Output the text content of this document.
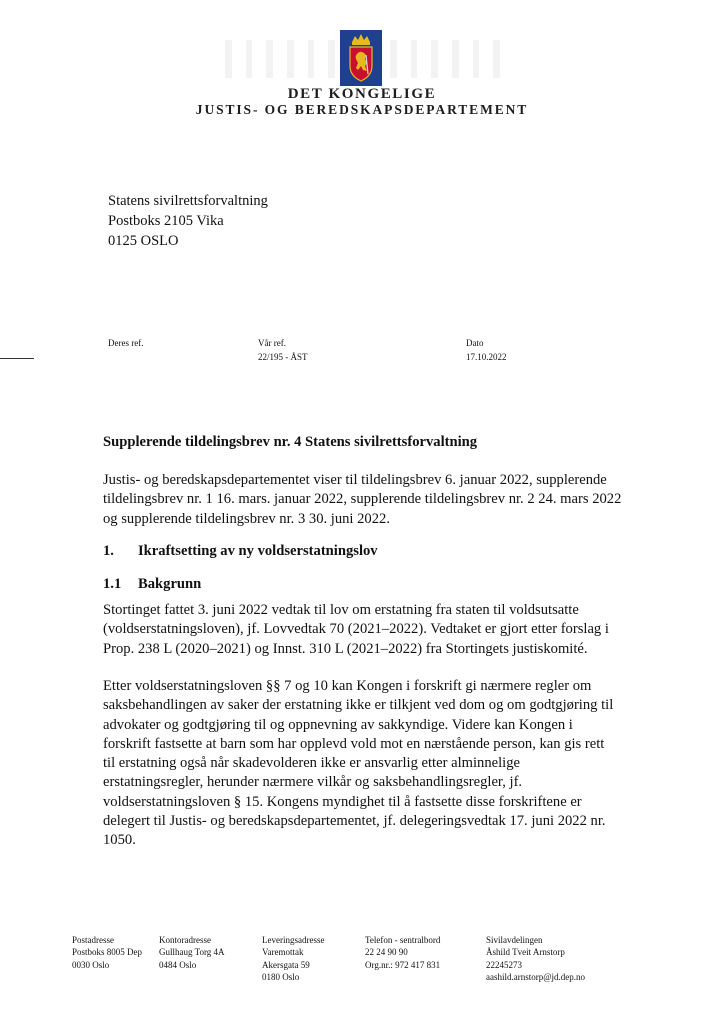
DET KONGELIGE
JUSTIS- OG BEREDSKAPSDEPARTEMENT
Statens sivilrettsforvaltning
Postboks 2105 Vika
0125 OSLO
Deres ref.	Vår ref.
22/195 - ÅST
Dato
17.10.2022
Supplerende tildelingsbrev nr. 4 Statens sivilrettsforvaltning
Justis- og beredskapsdepartementet viser til tildelingsbrev 6. januar 2022, supplerende
tildelingsbrev nr. 1 16. mars. januar 2022, supplerende tildelingsbrev nr. 2 24. mars 2022
og supplerende tildelingsbrev nr. 3 30. juni 2022.
1. Ikraftsetting av ny voldserstatningslov
1.1 Bakgrunn
Stortinget fattet 3. juni 2022 vedtak til lov om erstatning fra staten til voldsutsatte
(voldserstatningsloven), jf. Lovvedtak 70 (2021–2022). Vedtaket er gjort etter forslag i
Prop. 238 L (2020–2021) og Innst. 310 L (2021–2022) fra Stortingets justiskomité.
Etter voldserstatningsloven §§ 7 og 10 kan Kongen i forskrift gi nærmere regler om
saksbehandlingen av saker der erstatning ikke er tilkjent ved dom og om godtgjøring til
advokater og godtgjøring til og oppnevning av sakkyndige. Videre kan Kongen i
forskrift fastsette at barn som har opplevd vold mot en nærstående person, kan gis rett
til erstatning også når skadevolderen ikke er ansvarlig etter alminnelige
erstatningsregler, herunder nærmere vilkår og saksbehandlingsregler, jf.
voldserstatningsloven § 15. Kongens myndighet til å fastsette disse forskriftene er
delegert til Justis- og beredskapsdepartementet, jf. delegeringsvedtak 17. juni 2022 nr.
1050.
Postadresse
Postboks 8005 Dep
0030 Oslo
Kontoradresse
Gullhaug Torg 4A
0484 Oslo
Leveringsadresse
Varemottak
Akersgata 59
0180 Oslo
Telefon - sentralbord
22 24 90 90
Org.nr.: 972 417 831
Sivilavdelingen
Åshild Tveit Arnstorp
22245273
aashild.arnstorp@jd.dep.no
